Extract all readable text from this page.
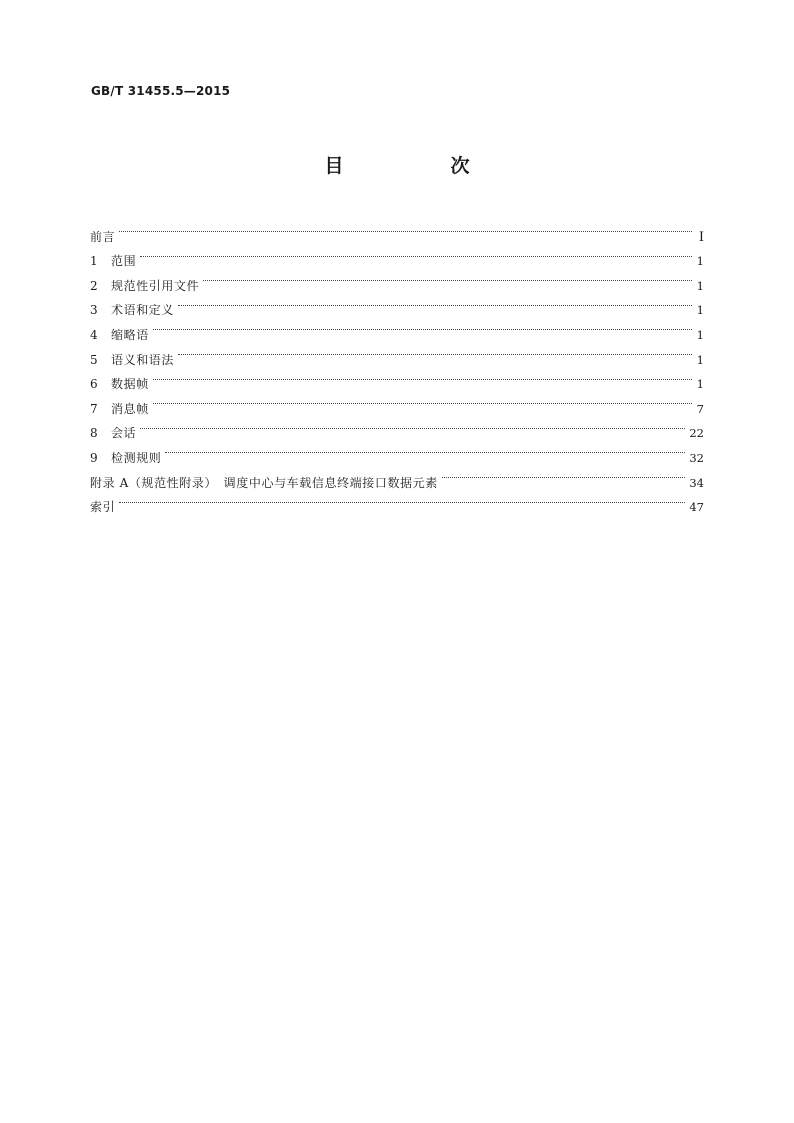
GB/T 31455.5—2015
目　次
前言	Ⅰ
1	范围	1
2	规范性引用文件	1
3	术语和定义	1
4	缩略语	1
5	语义和语法	1
6	数据帧	1
7	消息帧	7
8	会话	22
9	检测规则	32
附录 A（规范性附录）　调度中心与车载信息终端接口数据元素	34
索引	47
